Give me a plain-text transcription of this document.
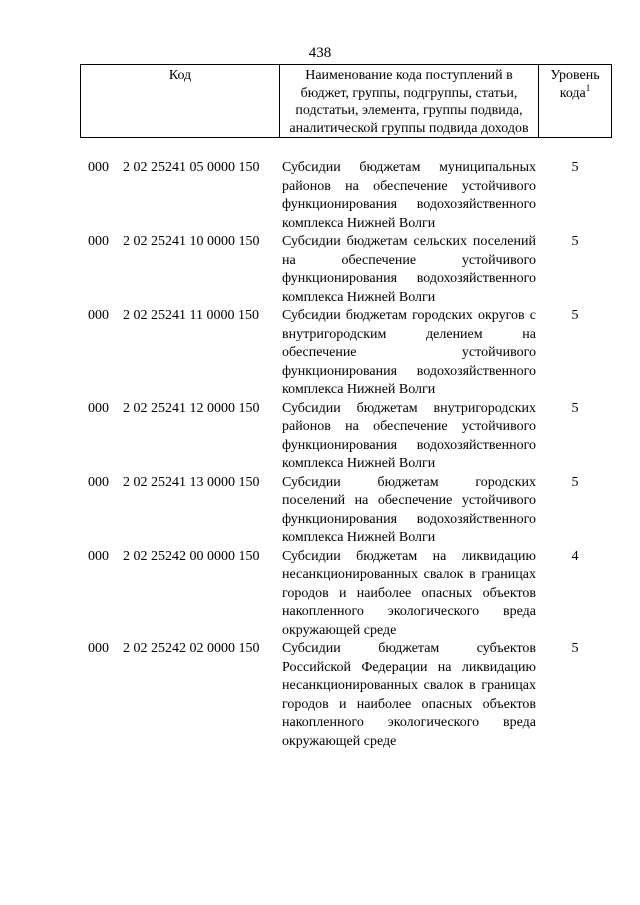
438
Код	Наименование кода поступлений в бюджет, группы, подгруппы, статьи, подстатьи, элемента, группы подвида, аналитической группы подвида доходов
Уровень кода$^1$
000 2 02 25241 05 0000 150 Субсидии бюджетам муниципальных районов на обеспечение устойчивого функционирования водохозяйственного комплекса Нижней Волги
5
000 2 02 25241 10 0000 150 Субсидии бюджетам сельских поселений на обеспечение устойчивого функционирования водохозяйственного комплекса Нижней Волги
5
000 2 02 25241 11 0000 150 Субсидии бюджетам городских округов с внутригородским делением на обеспечение устойчивого функционирования водохозяйственного комплекса Нижней Волги
5
000 2 02 25241 12 0000 150 Субсидии бюджетам внутригородских районов на обеспечение устойчивого функционирования водохозяйственного комплекса Нижней Волги
5
000 2 02 25241 13 0000 150 Субсидии бюджетам городских поселений на обеспечение устойчивого функционирования водохозяйственного комплекса Нижней Волги
5
000 2 02 25242 00 0000 150 Субсидии бюджетам на ликвидацию несанкционированных свалок в границах городов и наиболее опасных объектов накопленного экологического вреда окружающей среде
4
000 2 02 25242 02 0000 150 Субсидии бюджетам субъектов Российской Федерации на ликвидацию несанкционированных свалок в границах городов и наиболее опасных объектов накопленного экологического вреда окружающей среде
5
